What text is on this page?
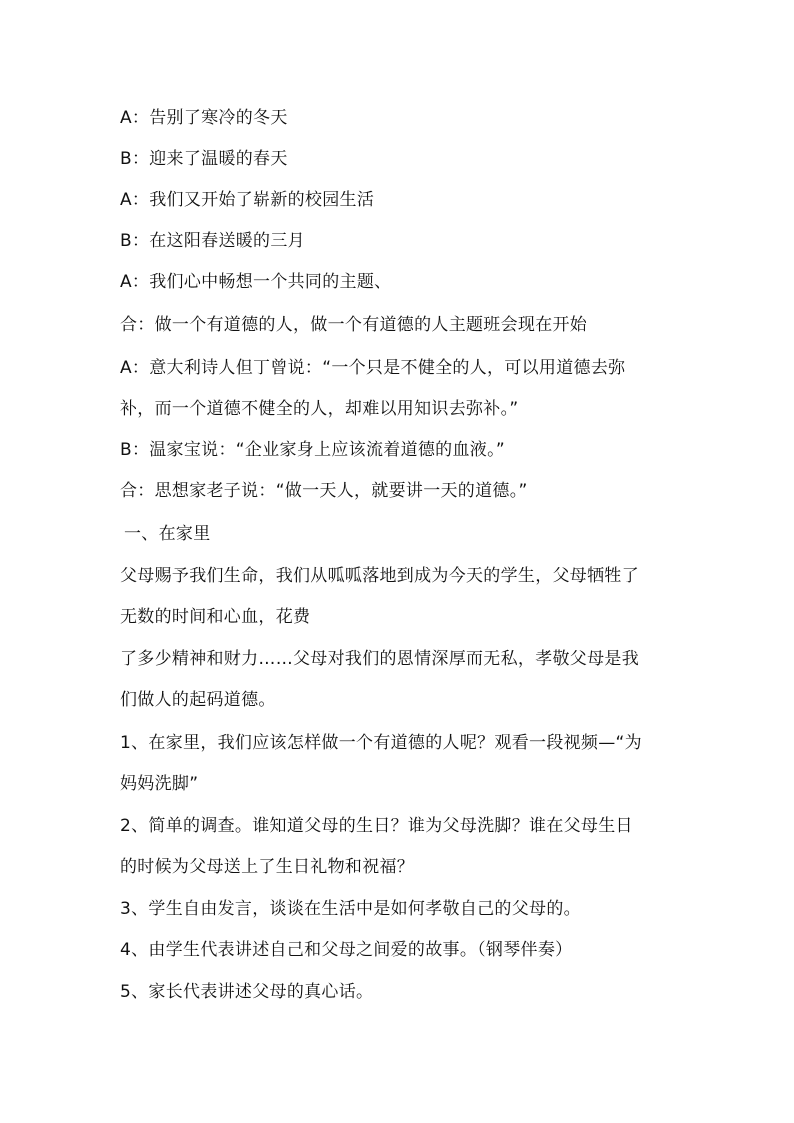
A：告别了寒冷的冬天
B：迎来了温暖的春天
A：我们又开始了崭新的校园生活
B：在这阳春送暖的三月
A：我们心中畅想一个共同的主题、
合：做一个有道德的人，做一个有道德的人主题班会现在开始
A：意大利诗人但丁曾说：“一个只是不健全的人，可以用道德去弥
补，而一个道德不健全的人，却难以用知识去弥补。”
B：温家宝说：“企业家身上应该流着道德的血液。”
合：思想家老子说：“做一天人，就要讲一天的道德。”
一、在家里
父母赐予我们生命，我们从呱呱落地到成为今天的学生，父母牺牲了
无数的时间和心血，花费
了多少精神和财力……父母对我们的恩情深厚而无私，孝敬父母是我
们做人的起码道德。
1、在家里，我们应该怎样做一个有道德的人呢？观看一段视频—“为
妈妈洗脚”
2、简单的调查。谁知道父母的生日？谁为父母洗脚？谁在父母生日
的时候为父母送上了生日礼物和祝福？
3、学生自由发言，谈谈在生活中是如何孝敬自己的父母的。
4、由学生代表讲述自己和父母之间爱的故事。（钢琴伴奏）
5、家长代表讲述父母的真心话。
